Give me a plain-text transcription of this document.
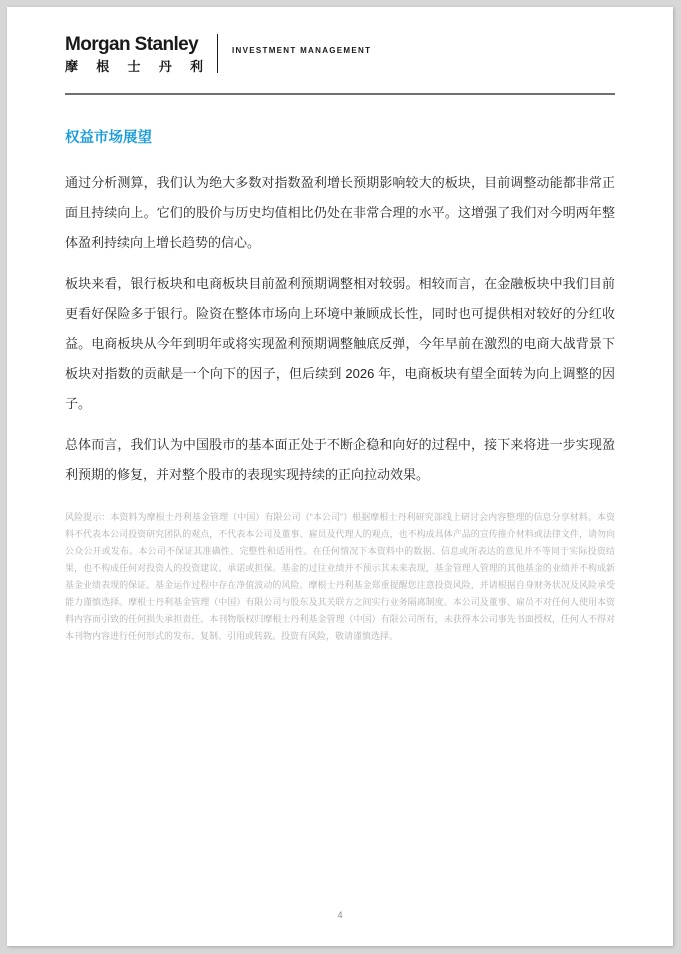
Morgan Stanley
摩根士丹利
INVESTMENT MANAGEMENT
权益市场展望

通过分析测算，我们认为绝大多数对指数盈利增长预期影响较大的板块，目前调整动能都非常正面且持续向上。它们的股价与历史均值相比仍处在非常合理的水平。这增强了我们对今明两年整体盈利持续向上增长趋势的信心。

板块来看，银行板块和电商板块目前盈利预期调整相对较弱。相较而言，在金融板块中我们目前更看好保险多于银行。险资在整体市场向上环境中兼顾成长性，同时也可提供相对较好的分红收益。电商板块从今年到明年或将实现盈利预期调整触底反弹，今年早前在激烈的电商大战背景下板块对指数的贡献是一个向下的因子，但后续到 2026 年，电商板块有望全面转为向上调整的因子。

总体而言，我们认为中国股市的基本面正处于不断企稳和向好的过程中，接下来将进一步实现盈利预期的修复，并对整个股市的表现实现持续的正向拉动效果。

风险提示：本资料为摩根士丹利基金管理（中国）有限公司（“本公司”）根据摩根士丹利研究部线上研讨会内容整理的信息分享材料。本资料不代表本公司投资研究团队的观点，不代表本公司及董事、雇员及代理人的观点，也不构成具体产品的宣传推介材料或法律文件，请勿向公众公开或发布。本公司不保证其准确性、完整性和适用性。在任何情况下本资料中的数据、信息或所表达的意见并不等同于实际投资结果，也不构成任何对投资人的投资建议、承诺或担保。基金的过往业绩并不预示其未来表现，基金管理人管理的其他基金的业绩并不构成新基金业绩表现的保证。基金运作过程中存在净值波动的风险。摩根士丹利基金郑重提醒您注意投资风险，并请根据自身财务状况及风险承受能力谨慎选择。摩根士丹利基金管理（中国）有限公司与股东及其关联方之间实行业务隔离制度。本公司及董事、雇员不对任何人使用本资料内容而引致的任何损失承担责任。本刊物版权归摩根士丹利基金管理（中国）有限公司所有，未获得本公司事先书面授权，任何人不得对本刊物内容进行任何形式的发布、复制、引用或转载。投资有风险，敬请谨慎选择。

4
